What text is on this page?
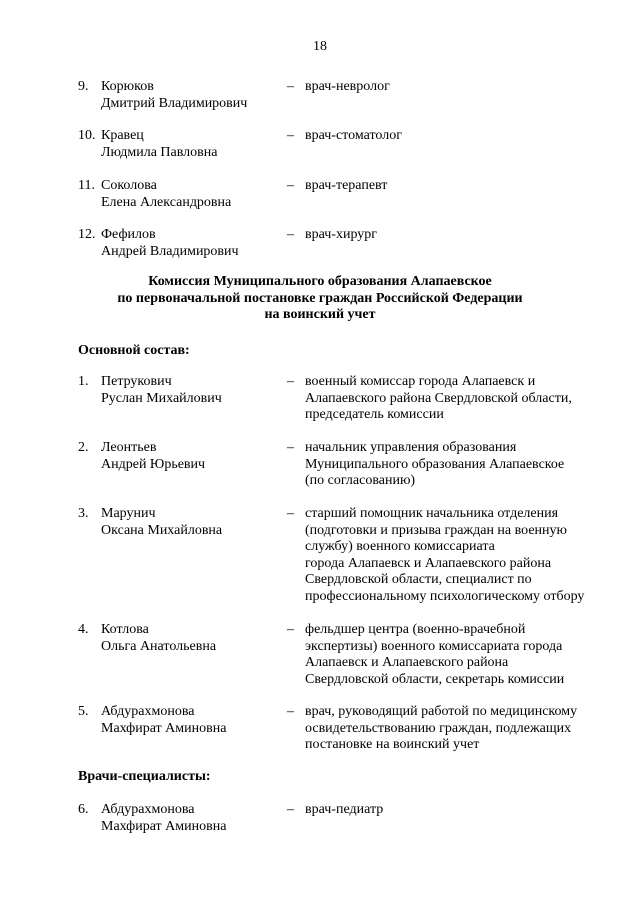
18
9. Корюков
Дмитрий Владимирович
– врач-невролог
10. Кравец
Людмила Павловна
– врач-стоматолог
11. Соколова
Елена Александровна
– врач-терапевт
12. Фефилов
Андрей Владимирович
– врач-хирург
Комиссия Муниципального образования Алапаевское
по первоначальной постановке граждан Российской Федерации
на воинский учет
Основной состав:
1. Петрукович
Руслан Михайлович
– военный комиссар города Алапаевск и
Алапаевского района Свердловской области,
председатель комиссии
2. Леонтьев
Андрей Юрьевич
– начальник управления образования
Муниципального образования Алапаевское
(по согласованию)
3. Марунич
Оксана Михайловна
– старший помощник начальника отделения
(подготовки и призыва граждан на военную
службу) военного комиссариата
города Алапаевск и Алапаевского района
Свердловской области, специалист по
профессиональному психологическому отбору
4. Котлова
Ольга Анатольевна
– фельдшер центра (военно-врачебной
экспертизы) военного комиссариата города
Алапаевск и Алапаевского района
Свердловской области, секретарь комиссии
5. Абдурахмонова
Махфират Аминовна
– врач, руководящий работой по медицинскому
освидетельствованию граждан, подлежащих
постановке на воинский учет
Врачи-специалисты:
6. Абдурахмонова
Махфират Аминовна
– врач-педиатр
